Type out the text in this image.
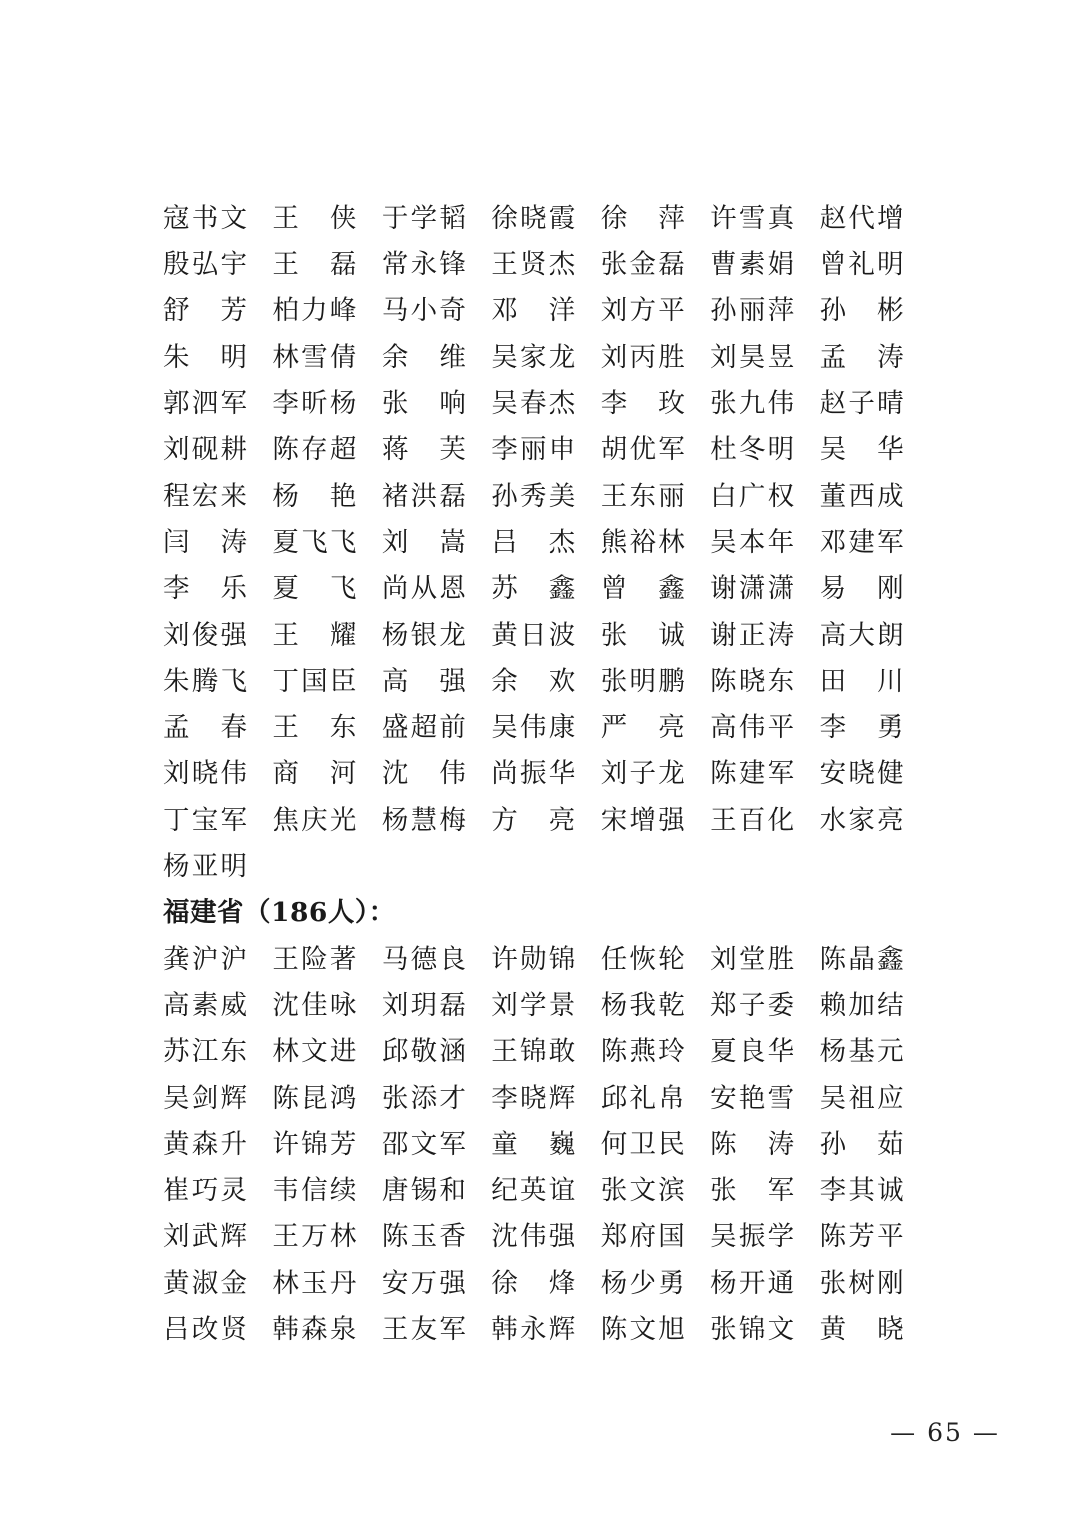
寇 书 文 王 侠 于 学 韬 徐 晓 霞 徐 萍 许 雪 真 赵 代 增
殷 弘 宇 王 磊 常 永 锋 王 贤 杰 张 金 磊 曹 素 娟 曾 礼 明
舒 芳 柏 力 峰 马 小 奇 邓 洋 刘 方 平 孙 丽 萍 孙 彬
朱 明 林 雪 倩 余 维 吴 家 龙 刘 丙 胜 刘 昊 昱 孟 涛
郭 泗 军 李 昕 杨 张 响 吴 春 杰 李 玫 张 九 伟 赵 子 晴
刘 砚 耕 陈 存 超 蒋 芙 李 丽 申 胡 优 军 杜 冬 明 吴 华
程 宏 来 杨 艳 褚 洪 磊 孙 秀 美 王 东 丽 白 广 权 董 西 成
闫 涛 夏 飞 飞 刘 嵩 吕 杰 熊 裕 林 吴 本 年 邓 建 军
李 乐 夏 飞 尚 从 恩 苏 鑫 曾 鑫 谢 潇 潇 易 刚
刘 俊 强 王 耀 杨 银 龙 黄 日 波 张 诚 谢 正 涛 高 大 朗
朱 腾 飞 丁 国 臣 高 强 余 欢 张 明 鹏 陈 晓 东 田 川
孟 春 王 东 盛 超 前 吴 伟 康 严 亮 高 伟 平 李 勇
刘 晓 伟 商 河 沈 伟 尚 振 华 刘 子 龙 陈 建 军 安 晓 健
丁 宝 军 焦 庆 光 杨 慧 梅 方 亮 宋 增 强 王 百 化 水 家 亮
杨 亚 明
福建省（186人）：
龚 沪 沪 王 险 著 马 德 良 许 勋 锦 任 恢 轮 刘 堂 胜 陈 晶 鑫
高 素 威 沈 佳 咏 刘 玥 磊 刘 学 景 杨 我 乾 郑 子 委 赖 加 结
苏 江 东 林 文 进 邱 敬 涵 王 锦 敢 陈 燕 玲 夏 良 华 杨 基 元
吴 剑 辉 陈 昆 鸿 张 添 才 李 晓 辉 邱 礼 帛 安 艳 雪 吴 祖 应
黄 森 升 许 锦 芳 邵 文 军 童 巍 何 卫 民 陈 涛 孙 茹
崔 巧 灵 韦 信 续 唐 锡 和 纪 英 谊 张 文 滨 张 军 李 其 诚
刘 武 辉 王 万 林 陈 玉 香 沈 伟 强 郑 府 国 吴 振 学 陈 芳 平
黄 淑 金 林 玉 丹 安 万 强 徐 烽 杨 少 勇 杨 开 通 张 树 刚
吕 改 贤 韩 森 泉 王 友 军 韩 永 辉 陈 文 旭 张 锦 文 黄 晓
— 65 —
